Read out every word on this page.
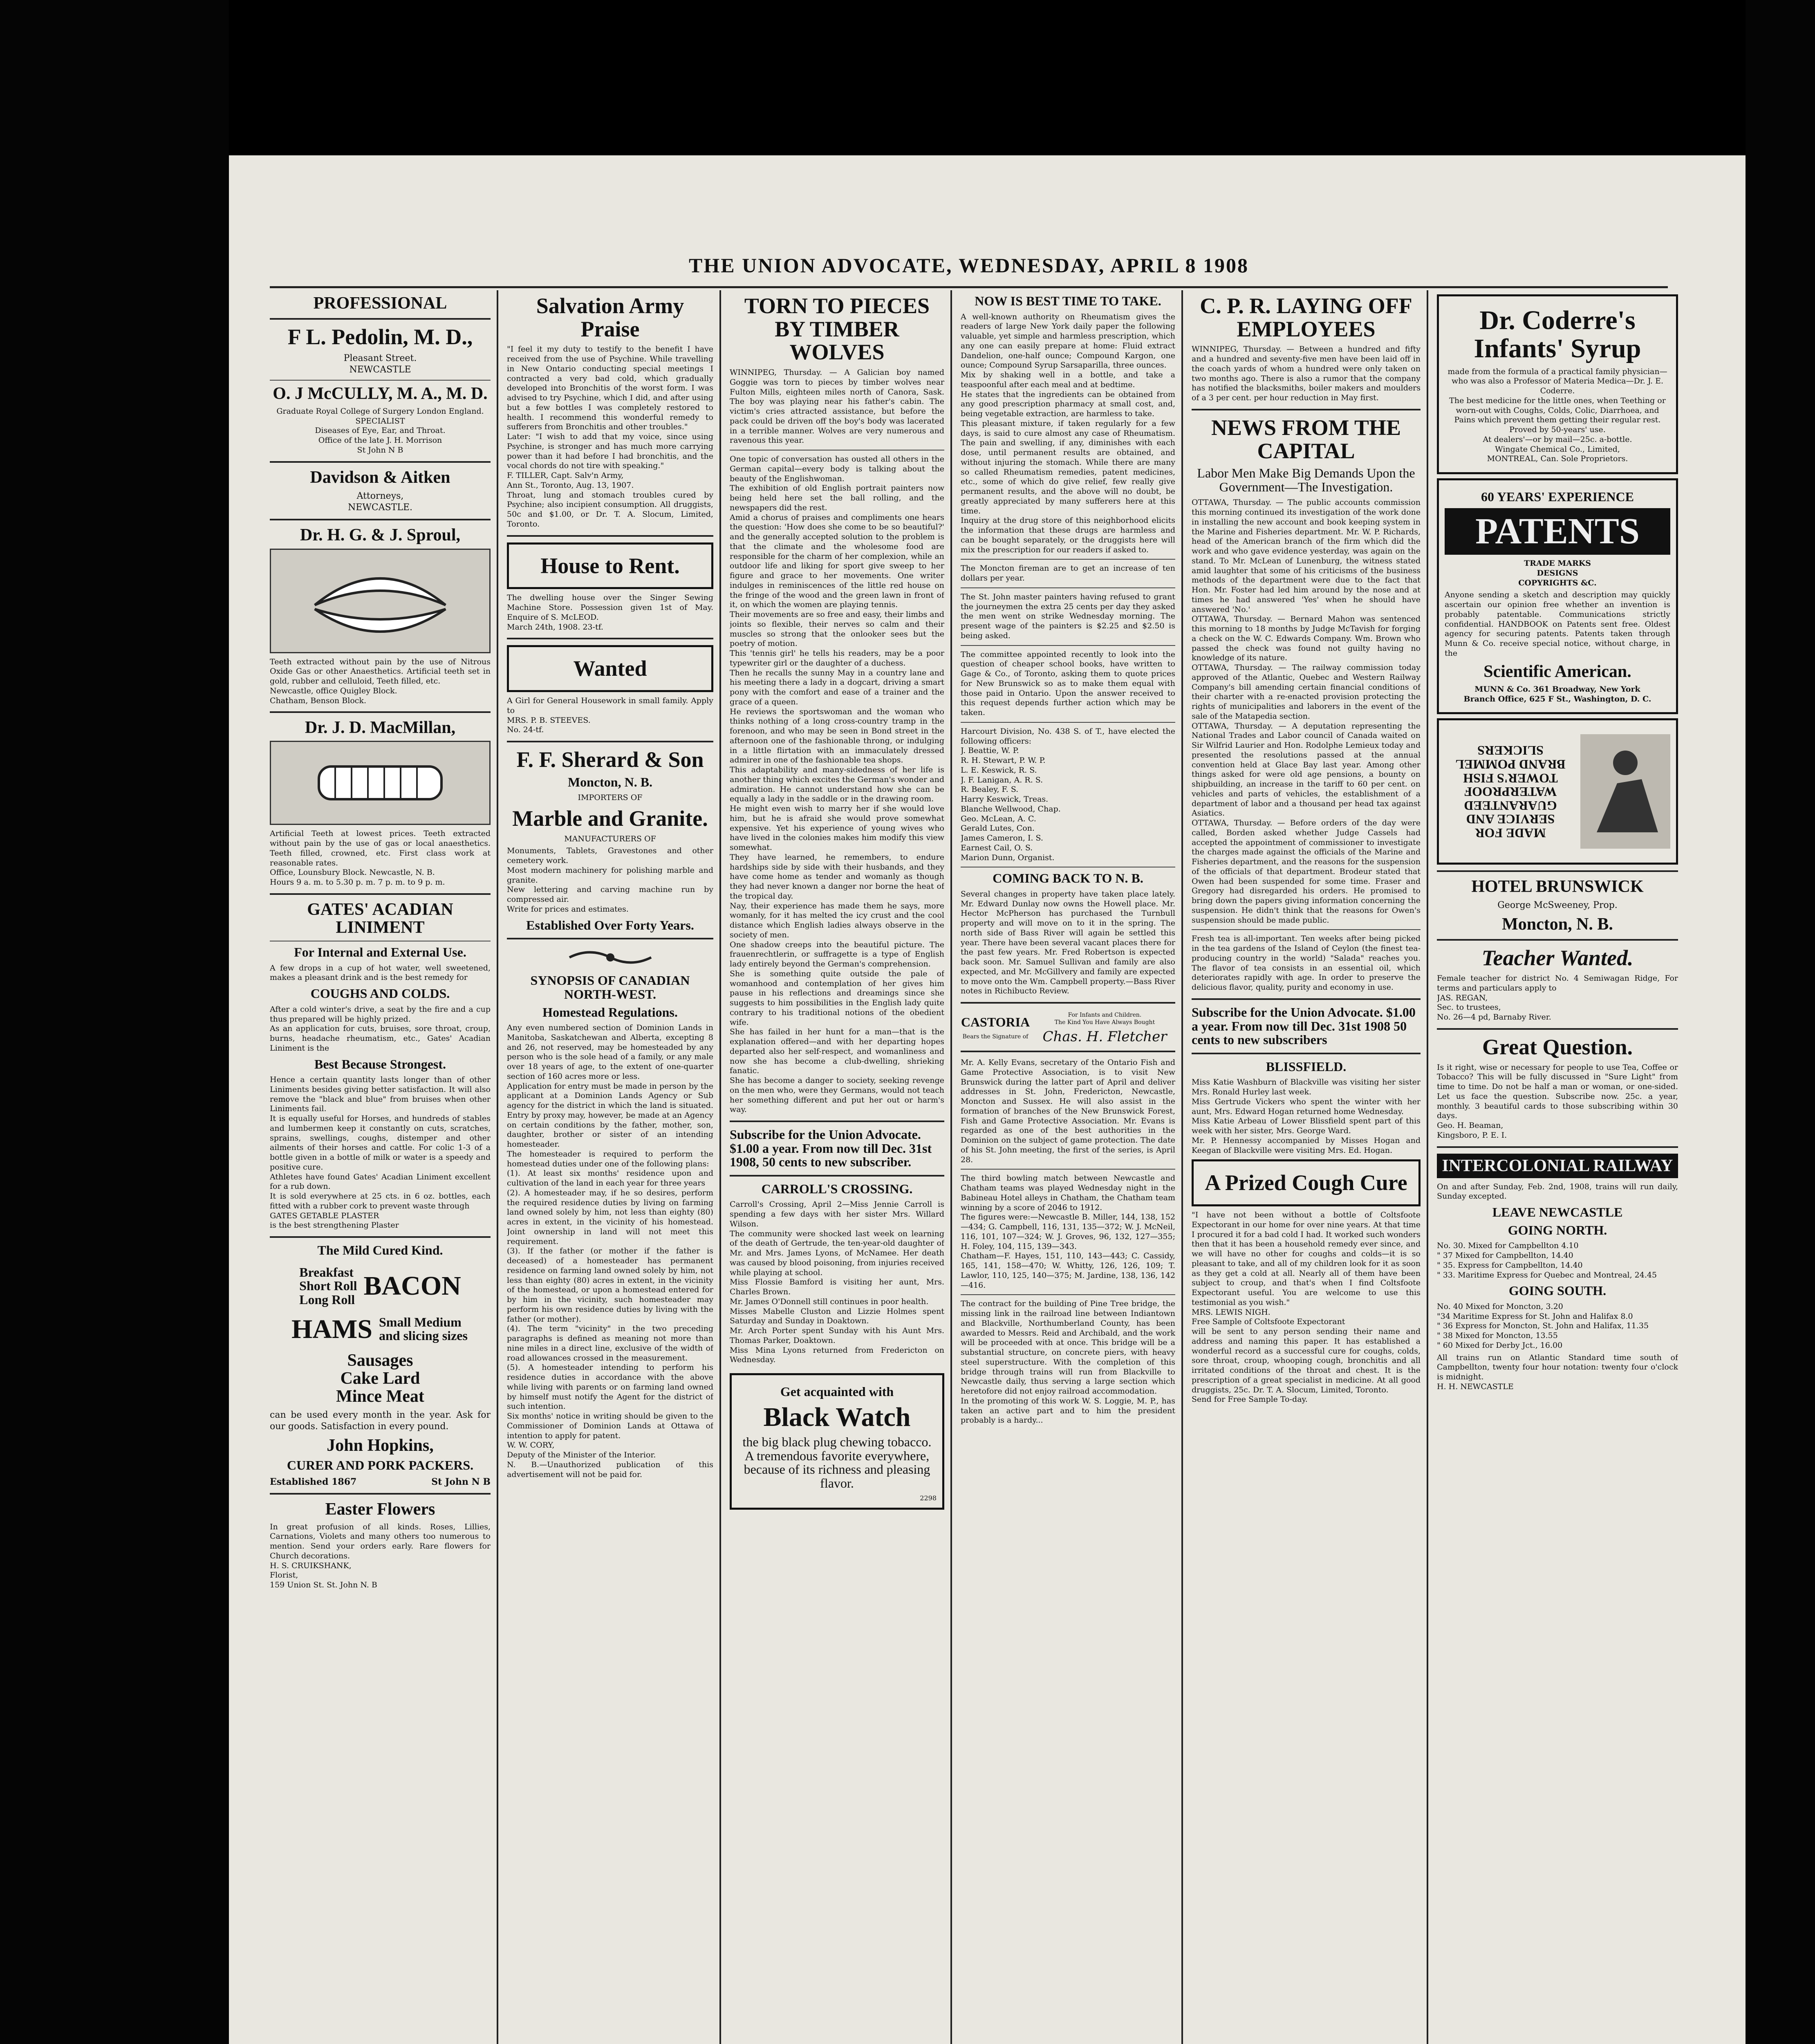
THE UNION ADVOCATE, WEDNESDAY, APRIL 8 1908
PROFESSIONAL
F L. Pedolin, M. D.,
Pleasant Street.
NEWCASTLE
O. J McCULLY, M. A., M. D.
Graduate Royal College of Surgery London England.
SPECIALIST
Diseases of Eye, Ear, and Throat.
Office of the late J. H. Morrison
St John N B
Davidson & Aitken
Attorneys,
NEWCASTLE.
Dr. H. G. & J. Sproul,
Teeth extracted without pain by the use of Nitrous Oxide Gas or other Anaesthetics. Artificial teeth set in gold, rubber and celluloid, Teeth filled, etc.
Newcastle, office Quigley Block.
Chatham, Benson Block.
Dr. J. D. MacMillan,
Artificial Teeth at lowest prices. Teeth extracted without pain by the use of gas or local anaesthetics. Teeth filled, crowned, etc. First class work at reasonable rates.
Office, Lounsbury Block. Newcastle, N. B.
Hours 9 a. m. to 5.30 p. m. 7 p. m. to 9 p. m.
GATES' ACADIAN LINIMENT
For Internal and External Use.
A few drops in a cup of hot water, well sweetened, makes a pleasant drink and is the best remedy for
COUGHS AND COLDS.
After a cold winter's drive, a seat by the fire and a cup thus prepared will be highly prized.
As an application for cuts, bruises, sore throat, croup, burns, headache rheumatism, etc., Gates' Acadian Liniment is the
Best Because Strongest.
Hence a certain quantity lasts longer than of other Liniments besides giving better satisfaction. It will also remove the "black and blue" from bruises when other Liniments fail.
It is equally useful for Horses, and hundreds of stables and lumbermen keep it constantly on cuts, scratches, sprains, swellings, coughs, distemper and other ailments of their horses and cattle. For colic 1-3 of a bottle given in a bottle of milk or water is a speedy and positive cure.
Athletes have found Gates' Acadian Liniment excellent for a rub down.
It is sold everywhere at 25 cts. in 6 oz. bottles, each fitted with a rubber cork to prevent waste through
GATES GETABLE PLASTER
is the best strengthening Plaster
The Mild Cured Kind.
Breakfast
Short Roll
Long Roll BACON
HAMS Small Medium and slicing sizes
Sausages
Cake Lard
Mince Meat
can be used every month in the year. Ask for our goods. Satisfaction in every pound.
John Hopkins,
CURER AND PORK PACKERS.
Established 1867	St John N B
Easter Flowers
In great profusion of all kinds. Roses, Lillies, Carnations, Violets and many others too numerous to mention. Send your orders early. Rare flowers for Church decorations.
H. S. CRUIKSHANK,
Florist,
159 Union St. St. John N. B
Salvation Army Praise
"I feel it my duty to testify to the benefit I have received from the use of Psychine. While travelling in New Ontario conducting special meetings I contracted a very bad cold, which gradually developed into Bronchitis of the worst form. I was advised to try Psychine, which I did, and after using but a few bottles I was completely restored to health. I recommend this wonderful remedy to sufferers from Bronchitis and other troubles."
Later: "I wish to add that my voice, since using Psychine, is stronger and has much more carrying power than it had before I had bronchitis, and the vocal chords do not tire with speaking."
F. TILLER, Capt. Salv'n Army,
Ann St., Toronto, Aug. 13, 1907.
Throat, lung and stomach troubles cured by Psychine; also incipient consumption. All druggists, 50c and $1.00, or Dr. T. A. Slocum, Limited, Toronto.
House to Rent.
The dwelling house over the Singer Sewing Machine Store. Possession given 1st of May. Enquire of S. McLEOD.
March 24th, 1908. 23-tf.
Wanted
A Girl for General Housework in small family. Apply to
MRS. P. B. STEEVES.
No. 24-tf.
F. F. Sherard & Son
Moncton, N. B.
IMPORTERS OF
Marble and Granite.
MANUFACTURERS OF
Monuments, Tablets, Gravestones and other cemetery work.
Most modern machinery for polishing marble and granite.
New lettering and carving machine run by compressed air.
Write for prices and estimates.
Established Over Forty Years.
SYNOPSIS OF CANADIAN NORTH-WEST.
Homestead Regulations.
Any even numbered section of Dominion Lands in Manitoba, Saskatchewan and Alberta, excepting 8 and 26, not reserved, may be homesteaded by any person who is the sole head of a family, or any male over 18 years of age, to the extent of one-quarter section of 160 acres more or less.
Application for entry must be made in person by the applicant at a Dominion Lands Agency or Sub agency for the district in which the land is situated. Entry by proxy may, however, be made at an Agency on certain conditions by the father, mother, son, daughter, brother or sister of an intending homesteader.
The homesteader is required to perform the homestead duties under one of the following plans:
(1). At least six months' residence upon and cultivation of the land in each year for three years
(2). A homesteader may, if he so desires, perform the required residence duties by living on farming land owned solely by him, not less than eighty (80) acres in extent, in the vicinity of his homestead. Joint ownership in land will not meet this requirement.
(3). If the father (or mother if the father is deceased) of a homesteader has permanent residence on farming land owned solely by him, not less than eighty (80) acres in extent, in the vicinity of the homestead, or upon a homestead entered for by him in the vicinity, such homesteader may perform his own residence duties by living with the father (or mother).
(4). The term "vicinity" in the two preceding paragraphs is defined as meaning not more than nine miles in a direct line, exclusive of the width of road allowances crossed in the measurement.
(5). A homesteader intending to perform his residence duties in accordance with the above while living with parents or on farming land owned by himself must notify the Agent for the district of such intention.
Six months' notice in writing should be given to the Commissioner of Dominion Lands at Ottawa of intention to apply for patent.
W. W. CORY,
Deputy of the Minister of the Interior.
N. B.—Unauthorized publication of this advertisement will not be paid for.
TORN TO PIECES BY TIMBER WOLVES
WINNIPEG, Thursday. — A Galician boy named Goggie was torn to pieces by timber wolves near Fulton Mills, eighteen miles north of Canora, Sask. The boy was playing near his father's cabin. The victim's cries attracted assistance, but before the pack could be driven off the boy's body was lacerated in a terrible manner. Wolves are very numerous and ravenous this year.
One topic of conversation has ousted all others in the German capital—every body is talking about the beauty of the Englishwoman.
The exhibition of old English portrait painters now being held here set the ball rolling, and the newspapers did the rest.
Amid a chorus of praises and compliments one hears the question: 'How does she come to be so beautiful?' and the generally accepted solution to the problem is that the climate and the wholesome food are responsible for the charm of her complexion, while an outdoor life and liking for sport give sweep to her figure and grace to her movements. One writer indulges in reminiscences of the little red house on the fringe of the wood and the green lawn in front of it, on which the women are playing tennis.
Their movements are so free and easy, their limbs and joints so flexible, their nerves so calm and their muscles so strong that the onlooker sees but the poetry of motion.
This 'tennis girl' he tells his readers, may be a poor typewriter girl or the daughter of a duchess.
Then he recalls the sunny May in a country lane and his meeting there a lady in a dogcart, driving a smart pony with the comfort and ease of a trainer and the grace of a queen.
He reviews the sportswoman and the woman who thinks nothing of a long cross-country tramp in the forenoon, and who may be seen in Bond street in the afternoon one of the fashionable throng, or indulging in a little flirtation with an immaculately dressed admirer in one of the fashionable tea shops.
This adaptability and many-sidedness of her life is another thing which excites the German's wonder and admiration. He cannot understand how she can be equally a lady in the saddle or in the drawing room.
He might even wish to marry her if she would love him, but he is afraid she would prove somewhat expensive. Yet his experience of young wives who have lived in the colonies makes him modify this view somewhat.
They have learned, he remembers, to endure hardships side by side with their husbands, and they have come home as tender and womanly as though they had never known a danger nor borne the heat of the tropical day.
Nay, their experience has made them he says, more womanly, for it has melted the icy crust and the cool distance which English ladies always observe in the society of men.
One shadow creeps into the beautiful picture. The frauenrechtlerin, or suffragette is a type of English lady entirely beyond the German's comprehension.
She is something quite outside the pale of womanhood and contemplation of her gives him pause in his reflections and dreamings since she suggests to him possibilities in the English lady quite contrary to his traditional notions of the obedient wife.
She has failed in her hunt for a man—that is the explanation offered—and with her departing hopes departed also her self-respect, and womanliness and now she has become a club-dwelling, shrieking fanatic.
She has become a danger to society, seeking revenge on the men who, were they Germans, would not teach her something different and put her out or harm's way.
Subscribe for the Union Advocate. $1.00 a year. From now till Dec. 31st 1908, 50 cents to new subscriber.
CARROLL'S CROSSING.
Carroll's Crossing, April 2—Miss Jennie Carroll is spending a few days with her sister Mrs. Willard Wilson.
The community were shocked last week on learning of the death of Gertrude, the ten-year-old daughter of Mr. and Mrs. James Lyons, of McNamee. Her death was caused by blood poisoning, from injuries received while playing at school.
Miss Flossie Bamford is visiting her aunt, Mrs. Charles Brown.
Mr. James O'Donnell still continues in poor health.
Misses Mabelle Cluston and Lizzie Holmes spent Saturday and Sunday in Doaktown.
Mr. Arch Porter spent Sunday with his Aunt Mrs. Thomas Parker, Doaktown.
Miss Mina Lyons returned from Fredericton on Wednesday.
Get acquainted with
Black Watch
the big black plug chewing tobacco. A tremendous favorite everywhere, because of its richness and pleasing flavor.
2298
NOW IS BEST TIME TO TAKE.
A well-known authority on Rheumatism gives the readers of large New York daily paper the following valuable, yet simple and harmless prescription, which any one can easily prepare at home: Fluid extract Dandelion, one-half ounce; Compound Kargon, one ounce; Compound Syrup Sarsaparilla, three ounces.
Mix by shaking well in a bottle, and take a teaspoonful after each meal and at bedtime.
He states that the ingredients can be obtained from any good prescription pharmacy at small cost, and, being vegetable extraction, are harmless to take.
This pleasant mixture, if taken regularly for a few days, is said to cure almost any case of Rheumatism. The pain and swelling, if any, diminishes with each dose, until permanent results are obtained, and without injuring the stomach. While there are many so called Rheumatism remedies, patent medicines, etc., some of which do give relief, few really give permanent results, and the above will no doubt, be greatly appreciated by many sufferers here at this time.
Inquiry at the drug store of this neighborhood elicits the information that these drugs are harmless and can be bought separately, or the druggists here will mix the prescription for our readers if asked to.
The Moncton fireman are to get an increase of ten dollars per year.
The St. John master painters having refused to grant the journeymen the extra 25 cents per day they asked the men went on strike Wednesday morning. The present wage of the painters is $2.25 and $2.50 is being asked.
The committee appointed recently to look into the question of cheaper school books, have written to Gage & Co., of Toronto, asking them to quote prices for New Brunswick so as to make them equal with those paid in Ontario. Upon the answer received to this request depends further action which may be taken.
Harcourt Division, No. 438 S. of T., have elected the following officers:
J. Beattie, W. P.
R. H. Stewart, P. W. P.
L. E. Keswick, R. S.
J. F. Lanigan, A. R. S.
R. Bealey, F. S.
Harry Keswick, Treas.
Blanche Wellwood, Chap.
Geo. McLean, A. C.
Gerald Lutes, Con.
James Cameron, I. S.
Earnest Cail, O. S.
Marion Dunn, Organist.
COMING BACK TO N. B.
Several changes in property have taken place lately. Mr. Edward Dunlay now owns the Howell place. Mr. Hector McPherson has purchased the Turnbull property and will move on to it in the spring. The north side of Bass River will again be settled this year. There have been several vacant places there for the past few years. Mr. Fred Robertson is expected back soon. Mr. Samuel Sullivan and family are also expected, and Mr. McGillvery and family are expected to move onto the Wm. Campbell property.—Bass River notes in Richibucto Review.
CASTORIA
Bears the Signature of
For Infants and Children.
The Kind You Have Always Bought
Chas. H. Fletcher
Mr. A. Kelly Evans, secretary of the Ontario Fish and Game Protective Association, is to visit New Brunswick during the latter part of April and deliver addresses in St. John, Fredericton, Newcastle, Moncton and Sussex. He will also assist in the formation of branches of the New Brunswick Forest, Fish and Game Protective Association. Mr. Evans is regarded as one of the best authorities in the Dominion on the subject of game protection. The date of his St. John meeting, the first of the series, is April 28.
The third bowling match between Newcastle and Chatham teams was played Wednesday night in the Babineau Hotel alleys in Chatham, the Chatham team winning by a score of 2046 to 1912.
The figures were:—Newcastle B. Miller, 144, 138, 152—434; G. Campbell, 116, 131, 135—372; W. J. McNeil, 116, 101, 107—324; W. J. Groves, 96, 132, 127—355; H. Foley, 104, 115, 139—343.
Chatham—F. Hayes, 151, 110, 143—443; C. Cassidy, 165, 141, 158—470; W. Whitty, 126, 126, 109; T. Lawlor, 110, 125, 140—375; M. Jardine, 138, 136, 142—416.
The contract for the building of Pine Tree bridge, the missing link in the railroad line between Indiantown and Blackville, Northumberland County, has been awarded to Messrs. Reid and Archibald, and the work will be proceeded with at once. This bridge will be a substantial structure, on concrete piers, with heavy steel superstructure. With the completion of this bridge through trains will run from Blackville to Newcastle daily, thus serving a large section which heretofore did not enjoy railroad accommodation.
In the promoting of this work W. S. Loggie, M. P., has taken an active part and to him the president probably is a hardy...
C. P. R. LAYING OFF EMPLOYEES
WINNIPEG, Thursday. — Between a hundred and fifty and a hundred and seventy-five men have been laid off in the coach yards of whom a hundred were only taken on two months ago. There is also a rumor that the company has notified the blacksmiths, boiler makers and moulders of a 3 per cent. per hour reduction in May first.
NEWS FROM THE CAPITAL
Labor Men Make Big Demands Upon the Government—The Investigation.
OTTAWA, Thursday. — The public accounts commission this morning continued its investigation of the work done in installing the new account and book keeping system in the Marine and Fisheries department. Mr. W. P. Richards, head of the American branch of the firm which did the work and who gave evidence yesterday, was again on the stand. To Mr. McLean of Lunenburg, the witness stated amid laughter that some of his criticisms of the business methods of the department were due to the fact that Hon. Mr. Foster had led him around by the nose and at times he had answered 'Yes' when he should have answered 'No.'
OTTAWA, Thursday. — Bernard Mahon was sentenced this morning to 18 months by Judge McTavish for forging a check on the W. C. Edwards Company. Wm. Brown who passed the check was found not guilty having no knowledge of its nature.
OTTAWA, Thursday. — The railway commission today approved of the Atlantic, Quebec and Western Railway Company's bill amending certain financial conditions of their charter with a re-enacted provision protecting the rights of municipalities and laborers in the event of the sale of the Matapedia section.
OTTAWA, Thursday. — A deputation representing the National Trades and Labor council of Canada waited on Sir Wilfrid Laurier and Hon. Rodolphe Lemieux today and presented the resolutions passed at the annual convention held at Glace Bay last year. Among other things asked for were old age pensions, a bounty on shipbuilding, an increase in the tariff to 60 per cent. on vehicles and parts of vehicles, the establishment of a department of labor and a thousand per head tax against Asiatics.
OTTAWA, Thursday. — Before orders of the day were called, Borden asked whether Judge Cassels had accepted the appointment of commissioner to investigate the charges made against the officials of the Marine and Fisheries department, and the reasons for the suspension of the officials of that department. Brodeur stated that Owen had been suspended for some time. Fraser and Gregory had disregarded his orders. He promised to bring down the papers giving information concerning the suspension. He didn't think that the reasons for Owen's suspension should be made public.
Fresh tea is all-important. Ten weeks after being picked in the tea gardens of the Island of Ceylon (the finest tea-producing country in the world) "Salada" reaches you. The flavor of tea consists in an essential oil, which deteriorates rapidly with age. In order to preserve the delicious flavor, quality, purity and economy in use.
Subscribe for the Union Advocate. $1.00 a year. From now till Dec. 31st 1908 50 cents to new subscribers
BLISSFIELD.
Miss Katie Washburn of Blackville was visiting her sister Mrs. Ronald Hurley last week.
Miss Gertrude Vickers who spent the winter with her aunt, Mrs. Edward Hogan returned home Wednesday.
Miss Katie Arbeau of Lower Blissfield spent part of this week with her sister, Mrs. George Ward.
Mr. P. Hennessy accompanied by Misses Hogan and Keegan of Blackville were visiting Mrs. Ed. Hogan.
A Prized Cough Cure
"I have not been without a bottle of Coltsfoote Expectorant in our home for over nine years. At that time I procured it for a bad cold I had. It worked such wonders then that it has been a household remedy ever since, and we will have no other for coughs and colds—it is so pleasant to take, and all of my children look for it as soon as they get a cold at all. Nearly all of them have been subject to croup, and that's when I find Coltsfoote Expectorant useful. You are welcome to use this testimonial as you wish."
MRS. LEWIS NIGH.
Free Sample of Coltsfoote Expectorant
will be sent to any person sending their name and address and naming this paper. It has established a wonderful record as a successful cure for coughs, colds, sore throat, croup, whooping cough, bronchitis and all irritated conditions of the throat and chest. It is the prescription of a great specialist in medicine. At all good druggists, 25c. Dr. T. A. Slocum, Limited, Toronto.
Send for Free Sample To-day.
Dr. Coderre's Infants' Syrup
made from the formula of a practical family physician—who was also a Professor of Materia Medica—Dr. J. E. Coderre.
The best medicine for the little ones, when Teething or worn-out with Coughs, Colds, Colic, Diarrhoea, and Pains which prevent them getting their regular rest.
Proved by 50-years' use.
At dealers'—or by mail—25c. a-bottle.
Wingate Chemical Co., Limited,
MONTREAL, Can. Sole Proprietors.
60 YEARS' EXPERIENCE
PATENTS
TRADE MARKS
DESIGNS
COPYRIGHTS &C.
Anyone sending a sketch and description may quickly ascertain our opinion free whether an invention is probably patentable. Communications strictly confidential. HANDBOOK on Patents sent free. Oldest agency for securing patents. Patents taken through Munn & Co. receive special notice, without charge, in the
Scientific American.
MUNN & Co. 361 Broadway, New York
Branch Office, 625 F St., Washington, D. C.
MADE FOR SERVICE AND GUARANTEED WATERPROOF TOWER'S FISH BRAND POMMEL SLICKERS
HOTEL BRUNSWICK
George McSweeney, Prop.
Moncton, N. B.
Teacher Wanted.
Female teacher for district No. 4 Semiwagan Ridge, For terms and particulars apply to
JAS. REGAN,
Sec. to trustees,
No. 26—4 pd, Barnaby River.
Great Question.
Is it right, wise or necessary for people to use Tea, Coffee or Tobacco? This will be fully discussed in "Sure Light" from time to time. Do not be half a man or woman, or one-sided. Let us face the question. Subscribe now. 25c. a year, monthly. 3 beautiful cards to those subscribing within 30 days.
Geo. H. Beaman,
Kingsboro, P. E. I.
INTERCOLONIAL RAILWAY
On and after Sunday, Feb. 2nd, 1908, trains will run daily, Sunday excepted.
LEAVE NEWCASTLE
GOING NORTH.
No. 30. Mixed for Campbellton 4.10
" 37 Mixed for Campbellton, 14.40
" 35. Express for Campbellton, 14.40
" 33. Maritime Express for Quebec and Montreal, 24.45
GOING SOUTH.
No. 40 Mixed for Moncton, 3.20
"34 Maritime Express for St. John and Halifax 8.0
" 36 Express for Moncton, St. John and Halifax, 11.35
" 38 Mixed for Moncton, 13.55
" 60 Mixed for Derby Jct., 16.00
All trains run on Atlantic Standard time south of Campbellton, twenty four hour notation: twenty four o'clock is midnight.
H. H. NEWCASTLE
